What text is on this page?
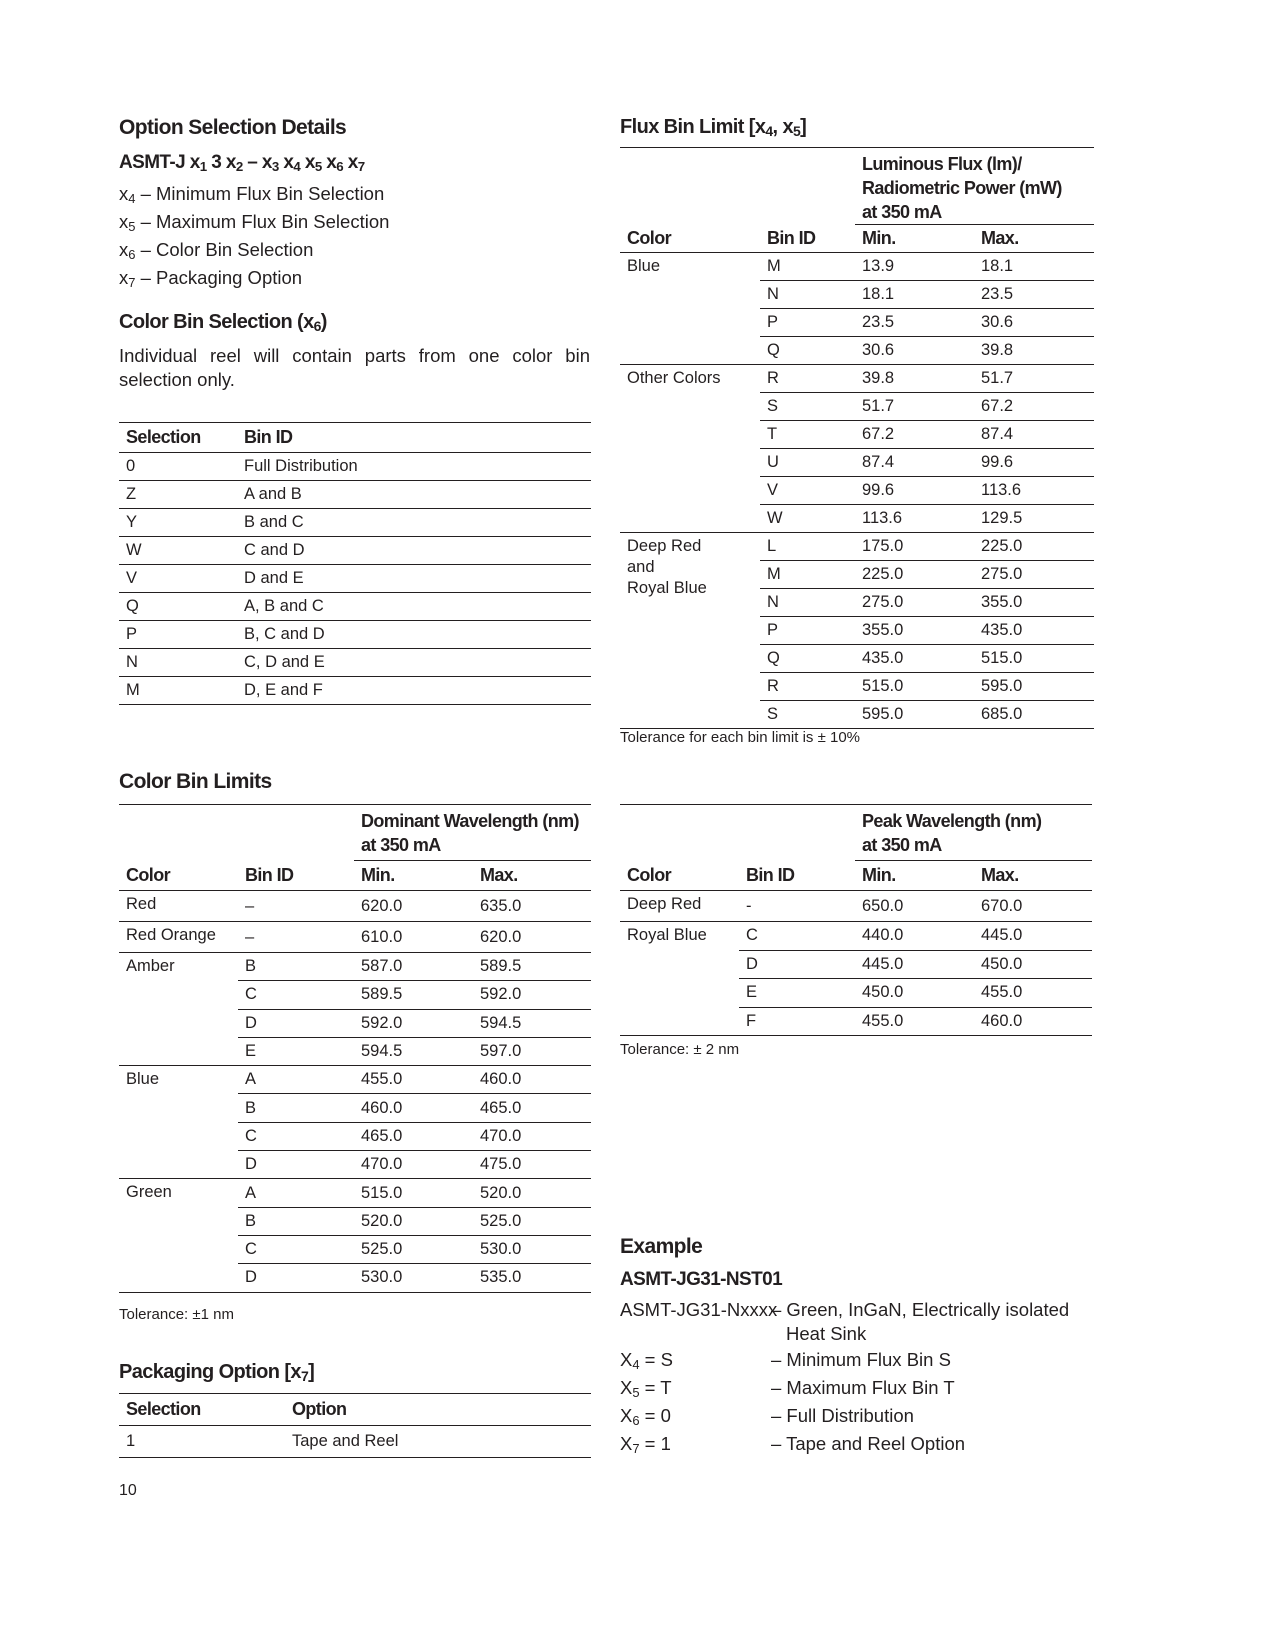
Option Selection Details
ASMT-J $x_1$ 3 $x_2 - x_3$ $x_4$ $x_5$ $x_6$ $x_7$
$x_4$ – Minimum Flux Bin Selection
$x_5$ – Maximum Flux Bin Selection
$x_6$ – Color Bin Selection
$x_7$ – Packaging Option
Color Bin Selection $(x_6)$
Individual reel will contain parts from one color bin selection only.
Selection	Bin ID
0	Full Distribution
Z	A and B
Y	B and C
W	C and D
V	D and E
Q	A, B and C
P	B, C and D
N	C, D and E
M	D, E and F
Color Bin Limits

		Dominant Wavelength (nm)
at 350 mA	

Color	Bin ID	Min.	Max.
Red	–	620.0	635.0
Red Orange	–	610.0	620.0
Amber	B	587.0	589.5
	C	589.5	592.0
	D	592.0	594.5
	E	594.5	597.0
Blue	A	455.0	460.0
	B	460.0	465.0
	C	465.0	470.0
	D	470.0	475.0
Green	A	515.0	520.0
	B	520.0	525.0
	C	525.0	530.0
	D	530.0	535.0
Tolerance: ±1 nm
Packaging Option $[x_7]$
Selection	Option
1	Tape and Reel
10
Flux Bin Limit [$x_4$, $x_5$]

		Luminous Flux (lm)/
Radiometric Power (mW)
at 350 mA	

Color	Bin ID	Min.	Max.

Blue	M	13.9	18.1
	N	18.1	23.5
	P	23.5	30.6
	Q	30.6	39.8

Other Colors	R	39.8	51.7
	S	51.7	67.2
	T	67.2	87.4
	U	87.4	99.6
	V	99.6	113.6
	W	113.6	129.5

Deep Red
and
Royal Blue	L	175.0	225.0
	M	225.0	275.0
	N	275.0	355.0
	P	355.0	435.0
	Q	435.0	515.0
	R	515.0	595.0
	S	595.0	685.0
Tolerance for each bin limit is ± 10%

		Peak Wavelength (nm)
at 350 mA	

Color	Bin ID	Min.	Max.
Deep Red	-	650.0	670.0
Royal Blue	C	440.0	445.0
	D	445.0	450.0
	E	450.0	455.0
	F	455.0	460.0
Tolerance: ± 2 nm
Example
ASMT-JG31-NST01
ASMT-JG31-Nxxxx
– Green, InGaN, Electrically isolated
Heat Sink
$X_4 = S$	– Minimum Flux Bin S
$X_5 = T$	– Maximum Flux Bin T
$X_6 = 0$	– Full Distribution
$X_7 = 1$	– Tape and Reel Option
